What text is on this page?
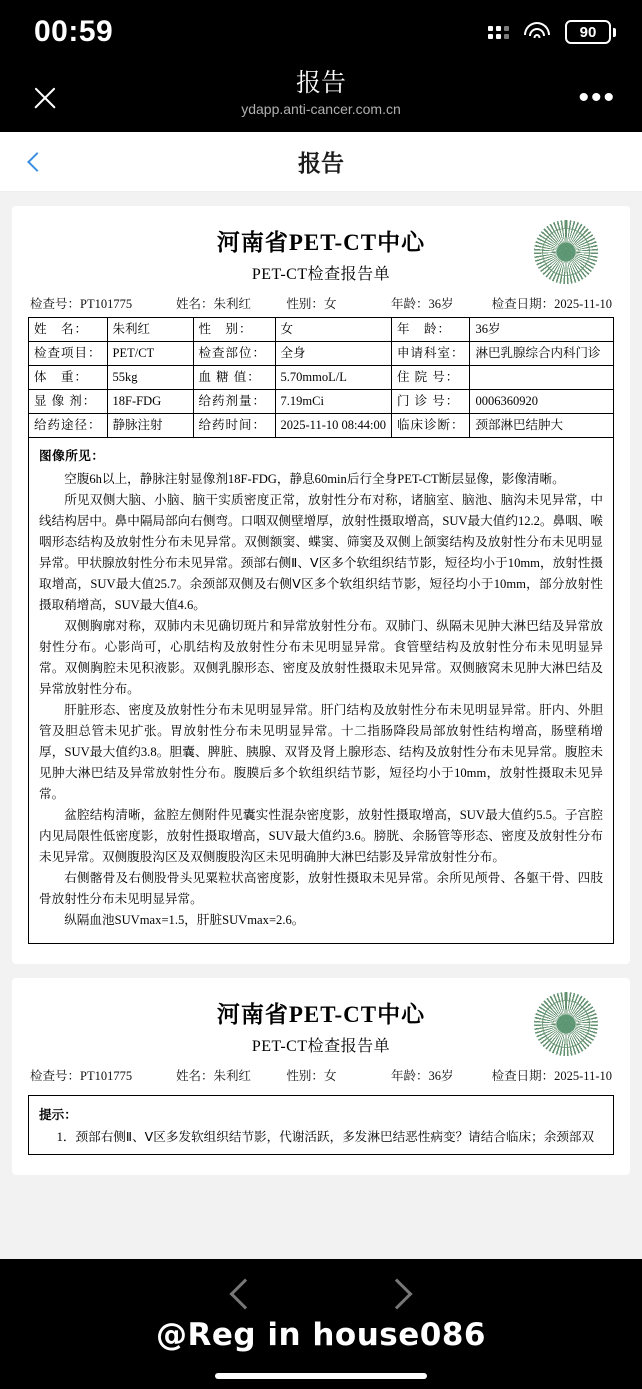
00:59	90
报告
ydapp.anti-cancer.com.cn	•••
报告
河南省PET-CT中心
PET-CT检查报告单
检查号：PT101775	姓名：朱利红	性别：女	年龄：36岁	检查日期：2025-11-10
姓　名：	朱利红	性　别：	女	年　龄：	36岁
检查项目：	PET/CT	检查部位：	全身	申请科室：	淋巴乳腺综合内科门诊
体　重：	55kg	血 糖 值：	5.70mmoL/L	住 院 号：	
显 像 剂：	18F-FDG	给药剂量：	7.19mCi	门 诊 号：	0006360920
给药途径：	静脉注射	给药时间：	2025-11-10 08:44:00	临床诊断：	颈部淋巴结肿大
图像所见：

空腹6h以上，静脉注射显像剂18F-FDG，静息60min后行全身PET-CT断层显像，影像清晰。

所见双侧大脑、小脑、脑干实质密度正常，放射性分布对称，诸脑室、脑池、脑沟未见异常，中线结构居中。鼻中隔局部向右侧弯。口咽双侧壁增厚，放射性摄取增高，SUV最大值约12.2。鼻咽、喉咽形态结构及放射性分布未见异常。双侧额窦、蝶窦、筛窦及双侧上颌窦结构及放射性分布未见明显异常。甲状腺放射性分布未见异常。颈部右侧Ⅱ、Ⅴ区多个软组织结节影，短径均小于10mm，放射性摄取增高，SUV最大值25.7。余颈部双侧及右侧Ⅴ区多个软组织结节影，短径均小于10mm，部分放射性摄取稍增高，SUV最大值4.6。

双侧胸廓对称，双肺内未见确切斑片和异常放射性分布。双肺门、纵隔未见肿大淋巴结及异常放射性分布。心影尚可，心肌结构及放射性分布未见明显异常。食管壁结构及放射性分布未见明显异常。双侧胸腔未见积液影。双侧乳腺形态、密度及放射性摄取未见异常。双侧腋窝未见肿大淋巴结及异常放射性分布。

肝脏形态、密度及放射性分布未见明显异常。肝门结构及放射性分布未见明显异常。肝内、外胆管及胆总管未见扩张。胃放射性分布未见明显异常。十二指肠降段局部放射性结构增高，肠壁稍增厚，SUV最大值约3.8。胆囊、脾脏、胰腺、双肾及肾上腺形态、结构及放射性分布未见异常。腹腔未见肿大淋巴结及异常放射性分布。腹膜后多个软组织结节影，短径均小于10mm，放射性摄取未见异常。

盆腔结构清晰，盆腔左侧附件见囊实性混杂密度影，放射性摄取增高，SUV最大值约5.5。子宫腔内见局限性低密度影，放射性摄取增高，SUV最大值约3.6。膀胱、余肠管等形态、密度及放射性分布未见异常。双侧腹股沟区及双侧腹股沟区未见明确肿大淋巴结影及异常放射性分布。

右侧髂骨及右侧股骨头见粟粒状高密度影，放射性摄取未见异常。余所见颅骨、各躯干骨、四肢骨放射性分布未见明显异常。

纵隔血池SUVmax=1.5，肝脏SUVmax=2.6。

河南省PET-CT中心
PET-CT检查报告单
检查号：PT101775	姓名：朱利红	性别：女	年龄：36岁	检查日期：2025-11-10
提示：
1．颈部右侧Ⅱ、Ⅴ区多发软组织结节影，代谢活跃，多发淋巴结恶性病变？请结合临床；余颈部双
@Reg in house086
